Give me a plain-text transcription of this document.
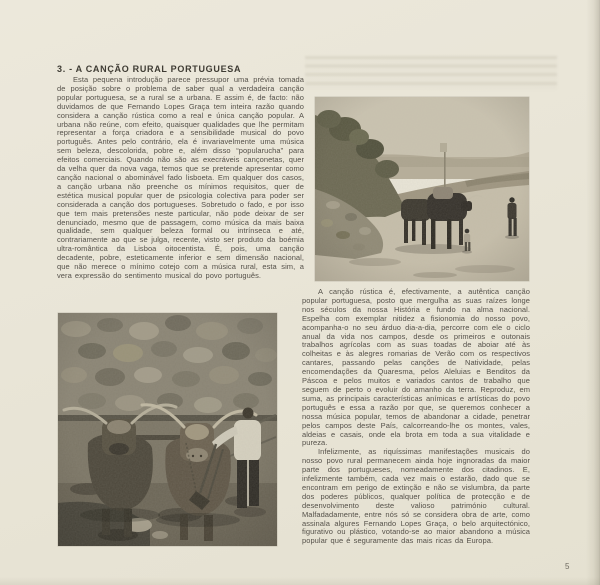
3. - A CANÇÃO RURAL PORTUGUESA

Esta pequena introdução parece pressupor uma prévia tomada de posição sobre o problema de saber qual a verdadeira canção popular portuguesa, se a rural se a urbana. E assim é, de facto: não duvidamos de que Fernando Lopes Graça tem inteira razão quando considera a canção rústica como a real e única canção popular. A urbana não reúne, com efeito, quaisquer qualidades que lhe permitam representar a força criadora e a sensibilidade musical do povo português. Antes pelo contrário, ela é invariavelmente uma música sem beleza, descolorida, pobre e, além disso “popularucha” para efeitos comerciais. Quando não são as execráveis cançonetas, quer da velha quer da nova vaga, temos que se pretende apresentar como canção nacional o abominável fado lisboeta. Em qualquer dos casos, a canção urbana não preenche os mínimos requisitos, quer de estética musical popular quer de psicologia colectiva para poder ser considerada a canção dos portugueses. Sobretudo o fado, e por isso que tem mais pretensões neste particular, não pode deixar de ser denunciado, mesmo que de passagem, como música da mais baixa qualidade, sem qualquer beleza formal ou intrínseca e até, contrariamente ao que se julga, recente, visto ser produto da boémia ultra-romântica da Lisboa oitocentista. É, pois, uma canção decadente, pobre, esteticamente inferior e sem dimensão nacional, que não merece o mínimo cotejo com a música rural, esta sim, a vera expressão do sentimento musical do povo português.

A canção rústica é, efectivamente, a autêntica canção popular portuguesa, posto que mergulha as suas raízes longe nos séculos da nossa História e fundo na alma nacional. Espelha com exemplar nitidez a fisionomia do nosso povo, acompanha-o no seu árduo dia-a-dia, percorre com ele o ciclo anual da vida nos campos, desde os primeiros e outonais trabalhos agrícolas com as suas toadas de aboiar até às colheitas e às alegres romarias de Verão com os respectivos cantares, passando pelas canções de Natividade, pelas encomendações da Quaresma, pelos Aleluias e Benditos da Páscoa e pelos muitos e variados cantos de trabalho que seguem de perto o evoluir do amanho da terra. Reproduz, em suma, as principais características anímicas e artísticas do povo português e essa a razão por que, se queremos conhecer a nossa música popular, temos de abandonar a cidade, penetrar pelos campos deste País, calcorreando-lhe os montes, vales, aldeias e casais, onde ela brota em toda a sua vitalidade e pureza.

Infelizmente, as riquíssimas manifestações musicais do nosso povo rural permanecem ainda hoje ingnoradas da maior parte dos portugueses, nomeadamente dos citadinos. E, infelizmente também, cada vez mais o estarão, dado que se encontram em perigo de extinção e não se vislumbra, da parte dos poderes públicos, qualquer política de protecção e de desenvolvimento deste valioso património cultural. Malfadadamente, entre nós só se considera obra de arte, como assinala algures Fernando Lopes Graça, o belo arquitectónico, figurativo ou plástico, votando-se ao maior abandono a música popular que é seguramente das mais ricas da Europa.

5
